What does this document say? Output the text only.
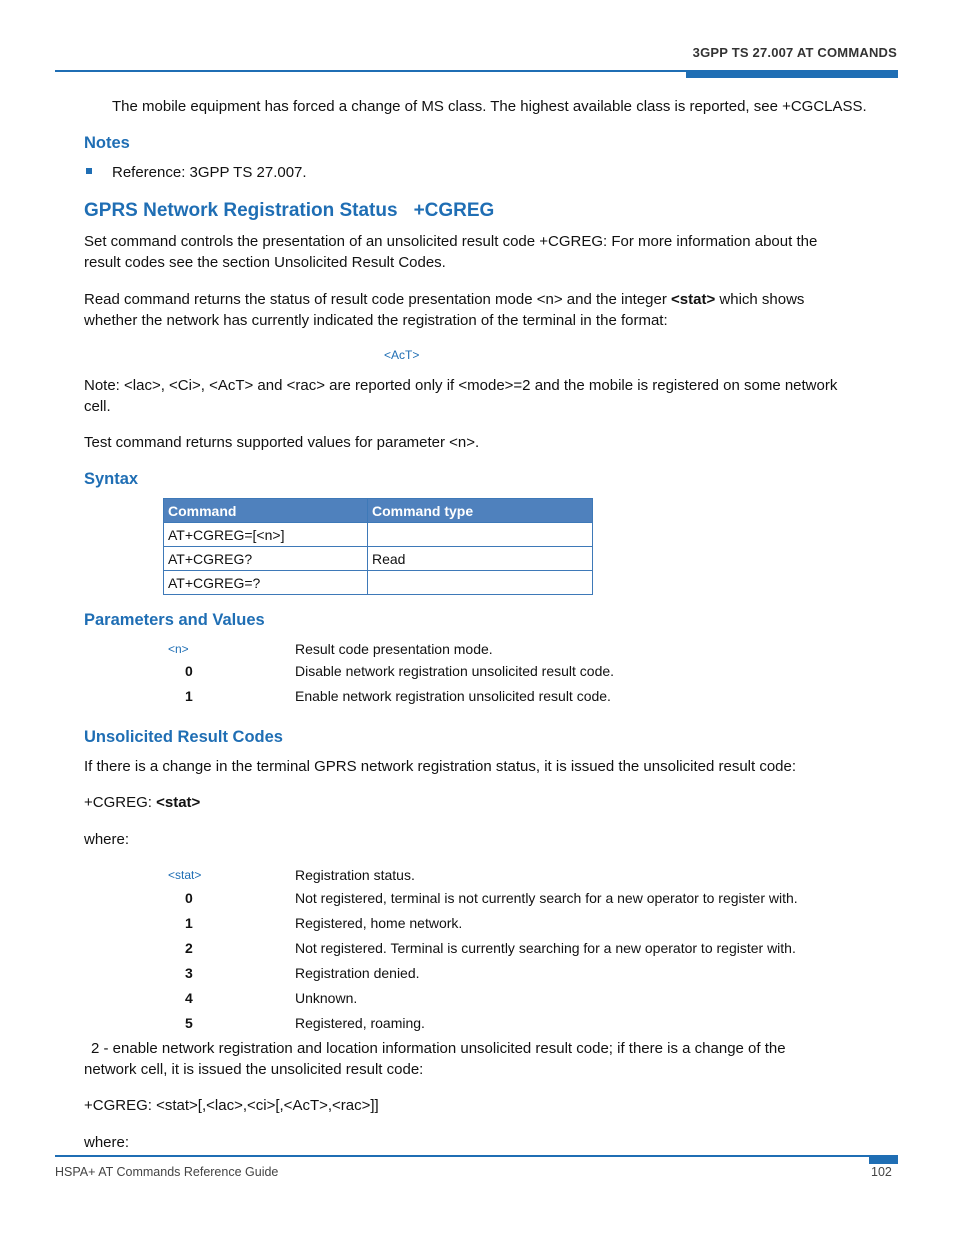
3GPP TS 27.007 AT COMMANDS
The mobile equipment has forced a change of MS class. The highest available class is reported, see +CGCLASS.
Notes
Reference: 3GPP TS 27.007.
GPRS Network Registration Status +CGREG
Set command controls the presentation of an unsolicited result code +CGREG: For more information about the
result codes see the section Unsolicited Result Codes.
Read command returns the status of result code presentation mode <n> and the integer <stat> which shows
whether the network has currently indicated the registration of the terminal in the format:
<AcT>
Note: <lac>, <Ci>, <AcT> and <rac> are reported only if <mode>=2 and the mobile is registered on some network
cell.
Test command returns supported values for parameter <n>.
Syntax
Command	Command type
AT+CGREG=[<n>]	
AT+CGREG?	Read
AT+CGREG=?	
Parameters and Values
<n>	Result code presentation mode.
0	Disable network registration unsolicited result code.
1	Enable network registration unsolicited result code.
Unsolicited Result Codes
If there is a change in the terminal GPRS network registration status, it is issued the unsolicited result code:
+CGREG: <stat>
where:
<stat>	Registration status.
0	Not registered, terminal is not currently search for a new operator to register with.
1	Registered, home network.
2	Not registered. Terminal is currently searching for a new operator to register with.
3	Registration denied.
4	Unknown.
5	Registered, roaming.
2 - enable network registration and location information unsolicited result code; if there is a change of the
network cell, it is issued the unsolicited result code:
+CGREG: <stat>[,<lac>,<ci>[,<AcT>,<rac>]]
where:
HSPA+ AT Commands Reference Guide	102
